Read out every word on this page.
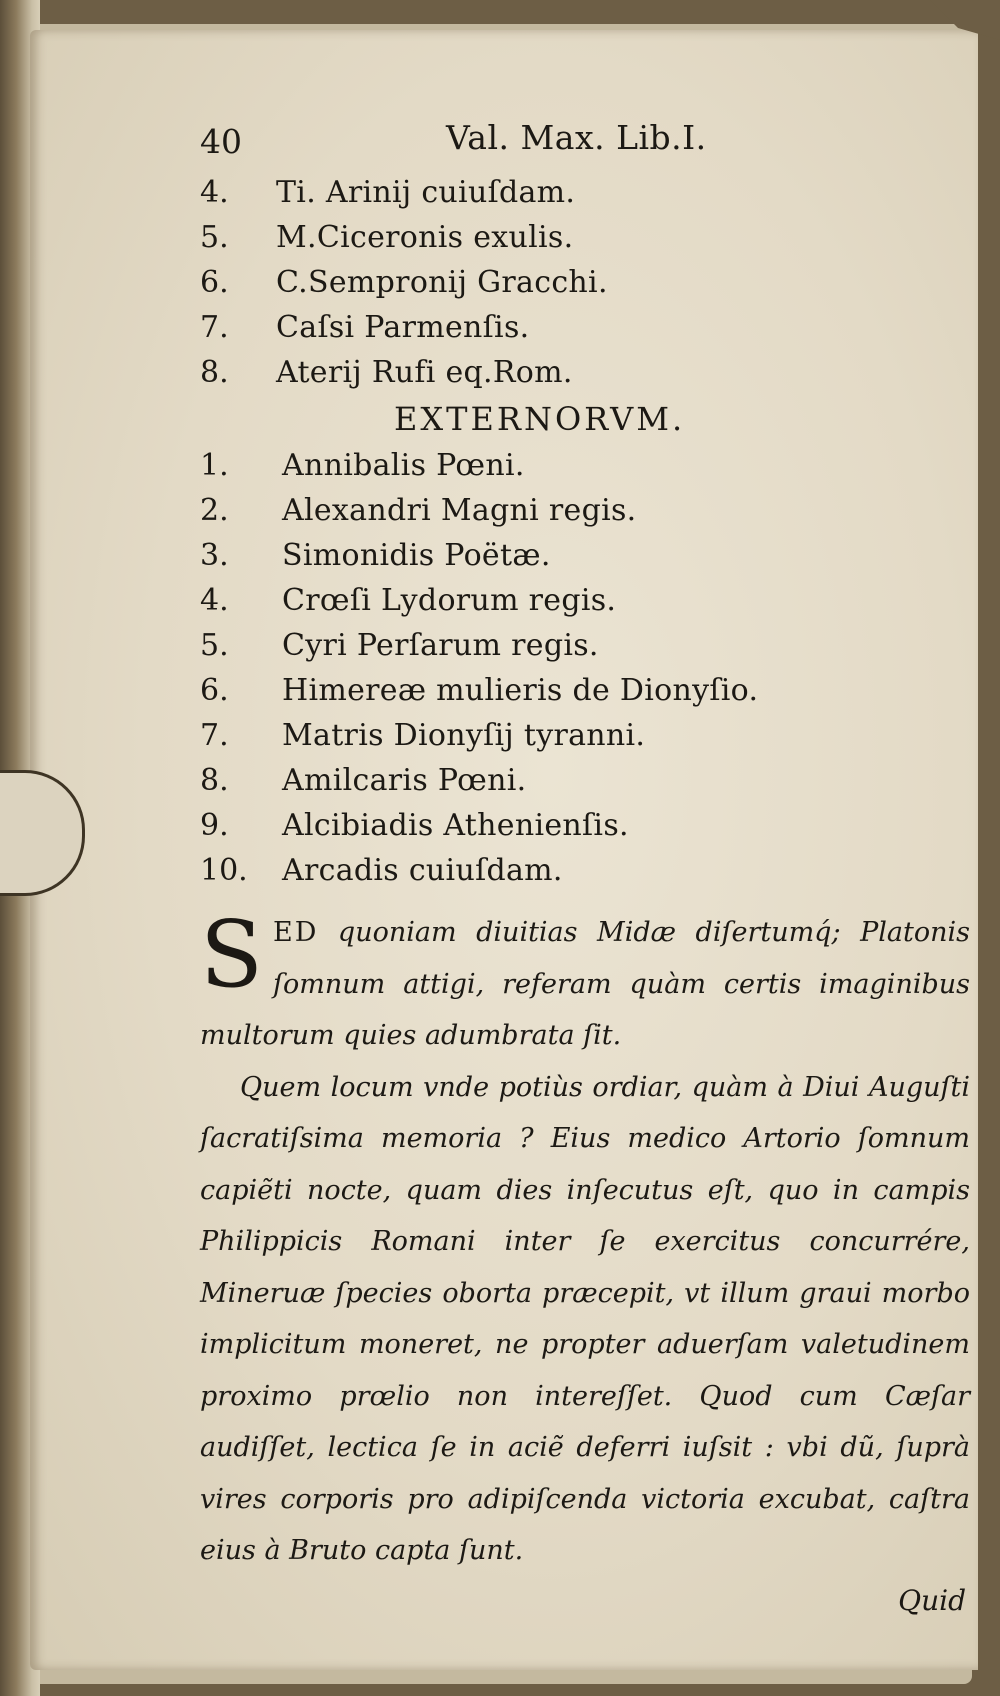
40	Val. Max. Lib.I.
4. Ti. Arinij cuiuſdam.
5. M.Ciceronis exulis.
6. C.Sempronij Gracchi.
7. Caſsi Parmenſis.
8. Aterij Rufi eq.Rom.
EXTERNORVM.
1. Annibalis Pœni.
2. Alexandri Magni regis.
3. Simonidis Poëtæ.
4. Crœſi Lydorum regis.
5. Cyri Perſarum regis.
6. Himereæ mulieris de Dionyſio.
7. Matris Dionyſij tyranni.
8. Amilcaris Pœni.
9. Alcibiadis Athenienſis.
10. Arcadis cuiuſdam.

SED quoniam diuitias Midæ diſertumq́; Platonis ſomnum attigi, referam quàm certis imaginibus multorum quies adumbrata ſit.

Quem locum vnde potiùs ordiar, quàm à Diui Auguſti ſacratiſsima memoria ? Eius medico Artorio ſomnum capiẽti nocte, quam dies inſecutus eſt, quo in campis Philippicis Romani inter ſe exercitus concurrére, Mineruæ ſpecies oborta præcepit, vt illum graui morbo implicitum moneret, ne propter aduerſam valetudinem proximo prœlio non intereſſet. Quod cum Cæſar audiſſet, lectica ſe in aciẽ deferri iuſsit : vbi dũ, ſuprà vires corporis pro adipiſcenda victoria excubat, caſtra eius à Bruto capta ſunt.

Quid
